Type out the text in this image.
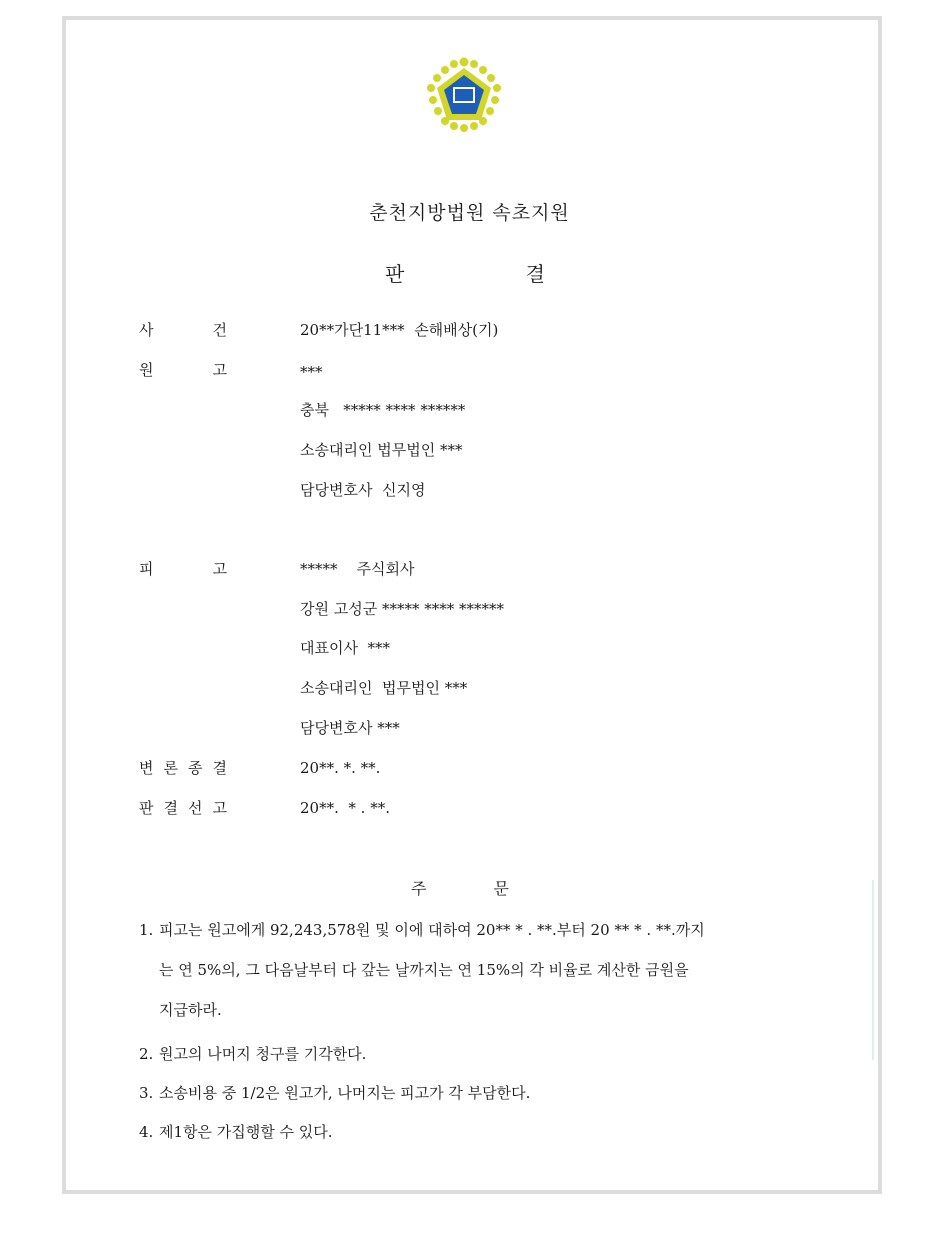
춘천지방법원 속초지원
판	결
사	건	20**가단11***  손해배상(기)
원	고	***
충북   ***** **** ******
소송대리인 법무법인 ***
담당변호사  신지영
피	고	*****    주식회사
강원 고성군 ***** **** ******
대표이사  ***
소송대리인  법무법인 ***
담당변호사 ***
변 론 종 결	20**. *. **.
판 결 선 고	20**.  * . **.
주	문
1. 피고는 원고에게 92,243,578원 및 이에 대하여 20** * . **.부터 20 ** * . **.까지
는 연 5%의, 그 다음날부터 다 갚는 날까지는 연 15%의 각 비율로 계산한 금원을
지급하라.
2. 원고의 나머지 청구를 기각한다.
3. 소송비용 중 1/2은 원고가, 나머지는 피고가 각 부담한다.
4. 제1항은 가집행할 수 있다.
